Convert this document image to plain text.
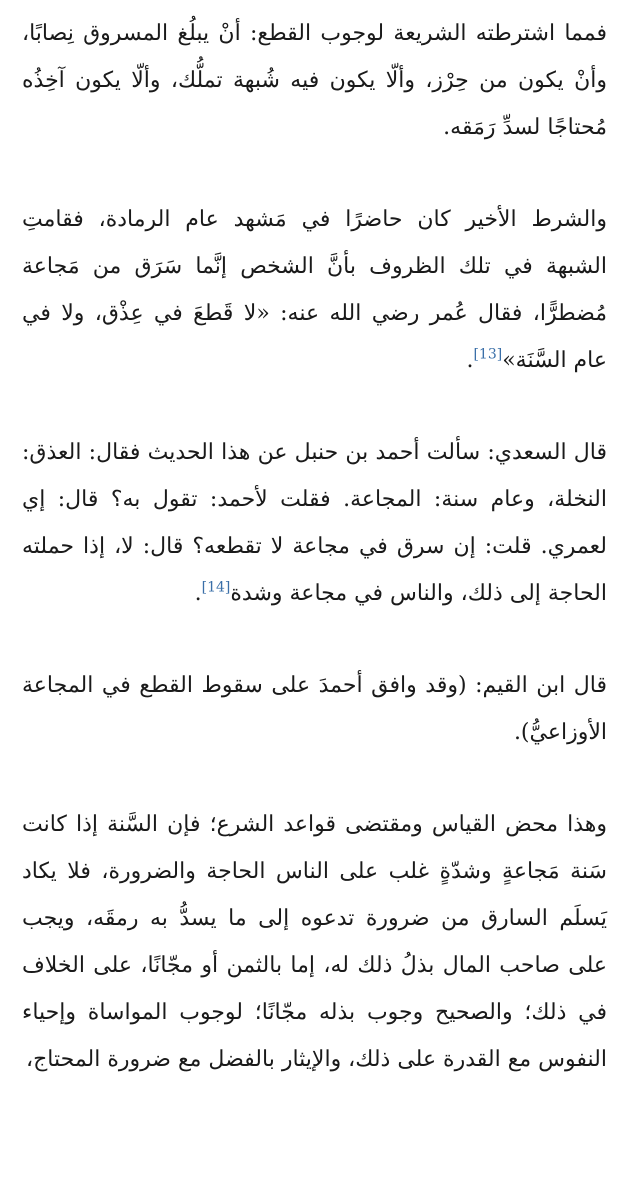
فمما اشترطته الشريعة لوجوب القطع: أنْ يبلُغ المسروق نِصابًا، وأنْ يكون من حِرْز، وألّا يكون فيه شُبهة تملُّك، وألّا يكون آخِذُه مُحتاجًا لسدِّ رَمَقه.

والشرط الأخير كان حاضرًا في مَشهد عام الرمادة، فقامتِ الشبهة في تلك الظروف بأنَّ الشخص إنَّما سَرَق من مَجاعة مُضطرًّا، فقال عُمر رضي الله عنه: «لا قَطعَ في عِذْق، ولا في عام السَّنَة»[13].

قال السعدي: سألت أحمد بن حنبل عن هذا الحديث فقال: العذق: النخلة، وعام سنة: المجاعة. فقلت لأحمد: تقول به؟ قال: إي لعمري. قلت: إن سرق في مجاعة لا تقطعه؟ قال: لا، إذا حملته الحاجة إلى ذلك، والناس في مجاعة وشدة[14].

قال ابن القيم: (وقد وافق أحمدَ على سقوط القطع في المجاعة الأوزاعيُّ).

وهذا محض القياس ومقتضى قواعد الشرع؛ فإن السَّنة إذا كانت سَنة مَجاعةٍ وشدّةٍ غلب على الناس الحاجة والضرورة، فلا يكاد يَسلَم السارق من ضرورة تدعوه إلى ما يسدُّ به رمقَه، ويجب على صاحب المال بذلُ ذلك له، إما بالثمن أو مجّانًا، على الخلاف في ذلك؛ والصحيح وجوب بذله مجّانًا؛ لوجوب المواساة وإحياء النفوس مع القدرة على ذلك، والإيثار بالفضل مع ضرورة المحتاج،
